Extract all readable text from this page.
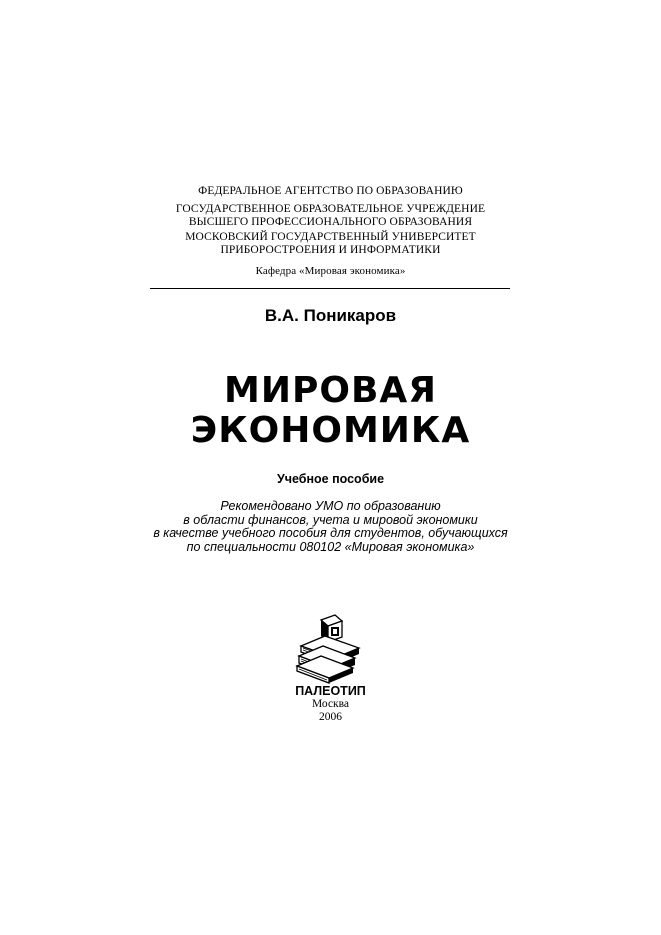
ФЕДЕРАЛЬНОЕ АГЕНТСТВО ПО ОБРАЗОВАНИЮ
ГОСУДАРСТВЕННОЕ ОБРАЗОВАТЕЛЬНОЕ УЧРЕЖДЕНИЕ
ВЫСШЕГО ПРОФЕССИОНАЛЬНОГО ОБРАЗОВАНИЯ
МОСКОВСКИЙ ГОСУДАРСТВЕННЫЙ УНИВЕРСИТЕТ
ПРИБОРОСТРОЕНИЯ И ИНФОРМАТИКИ
Кафедра «Мировая экономика»
В.А. Поникаров
МИРОВАЯ
ЭКОНОМИКА
Учебное пособие
Рекомендовано УМО по образованию
в области финансов, учета и мировой экономики
в качестве учебного пособия для студентов, обучающихся
по специальности 080102 «Мировая экономика»
ПАЛЕОТИП
Москва
2006
